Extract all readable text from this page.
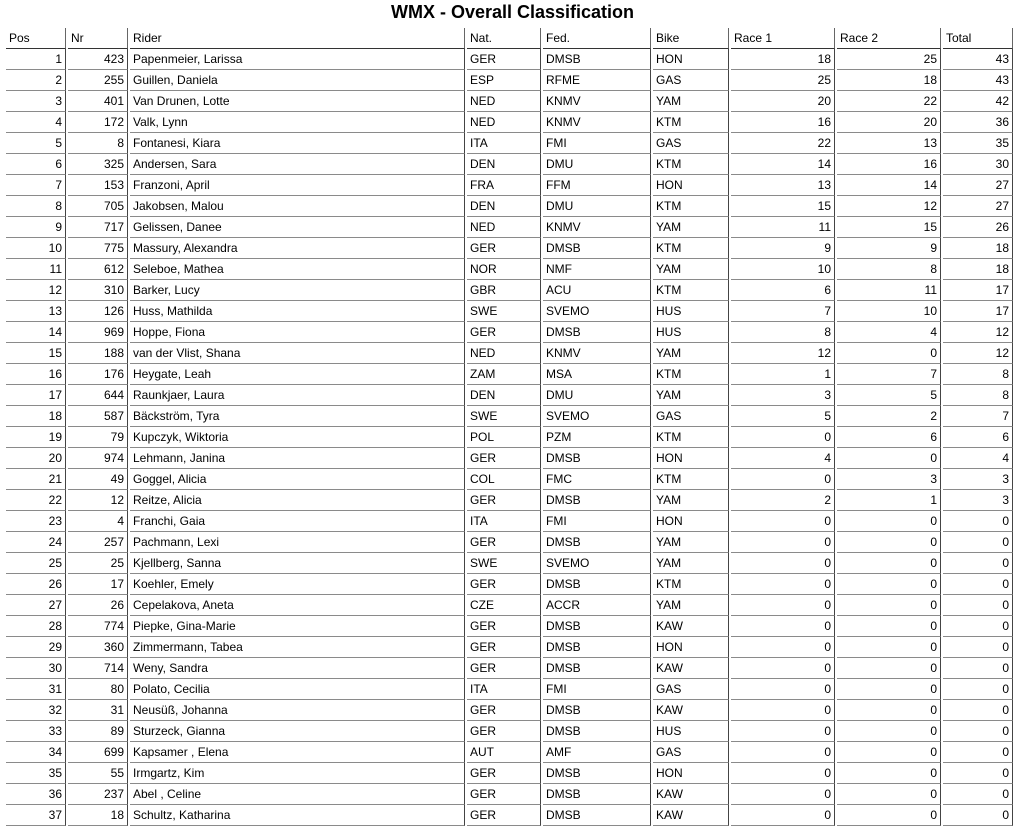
WMX - Overall Classification
Pos	Nr	Rider	Nat.	Fed.	Bike	Race 1	Race 2	Total
1	423	Papenmeier, Larissa	GER	DMSB	HON	18	25	43
2	255	Guillen, Daniela	ESP	RFME	GAS	25	18	43
3	401	Van Drunen, Lotte	NED	KNMV	YAM	20	22	42
4	172	Valk, Lynn	NED	KNMV	KTM	16	20	36
5	8	Fontanesi, Kiara	ITA	FMI	GAS	22	13	35
6	325	Andersen, Sara	DEN	DMU	KTM	14	16	30
7	153	Franzoni, April	FRA	FFM	HON	13	14	27
8	705	Jakobsen, Malou	DEN	DMU	KTM	15	12	27
9	717	Gelissen, Danee	NED	KNMV	YAM	11	15	26
10	775	Massury, Alexandra	GER	DMSB	KTM	9	9	18
11	612	Seleboe, Mathea	NOR	NMF	YAM	10	8	18
12	310	Barker, Lucy	GBR	ACU	KTM	6	11	17
13	126	Huss, Mathilda	SWE	SVEMO	HUS	7	10	17
14	969	Hoppe, Fiona	GER	DMSB	HUS	8	4	12
15	188	van der Vlist, Shana	NED	KNMV	YAM	12	0	12
16	176	Heygate, Leah	ZAM	MSA	KTM	1	7	8
17	644	Raunkjaer, Laura	DEN	DMU	YAM	3	5	8
18	587	Bäckström, Tyra	SWE	SVEMO	GAS	5	2	7
19	79	Kupczyk, Wiktoria	POL	PZM	KTM	0	6	6
20	974	Lehmann, Janina	GER	DMSB	HON	4	0	4
21	49	Goggel, Alicia	COL	FMC	KTM	0	3	3
22	12	Reitze, Alicia	GER	DMSB	YAM	2	1	3
23	4	Franchi, Gaia	ITA	FMI	HON	0	0	0
24	257	Pachmann, Lexi	GER	DMSB	YAM	0	0	0
25	25	Kjellberg, Sanna	SWE	SVEMO	YAM	0	0	0
26	17	Koehler, Emely	GER	DMSB	KTM	0	0	0
27	26	Cepelakova, Aneta	CZE	ACCR	YAM	0	0	0
28	774	Piepke, Gina-Marie	GER	DMSB	KAW	0	0	0
29	360	Zimmermann, Tabea	GER	DMSB	HON	0	0	0
30	714	Weny, Sandra	GER	DMSB	KAW	0	0	0
31	80	Polato, Cecilia	ITA	FMI	GAS	0	0	0
32	31	Neusüß, Johanna	GER	DMSB	KAW	0	0	0
33	89	Sturzeck, Gianna	GER	DMSB	HUS	0	0	0
34	699	Kapsamer , Elena	AUT	AMF	GAS	0	0	0
35	55	Irmgartz, Kim	GER	DMSB	HON	0	0	0
36	237	Abel , Celine	GER	DMSB	KAW	0	0	0
37	18	Schultz, Katharina	GER	DMSB	KAW	0	0	0
